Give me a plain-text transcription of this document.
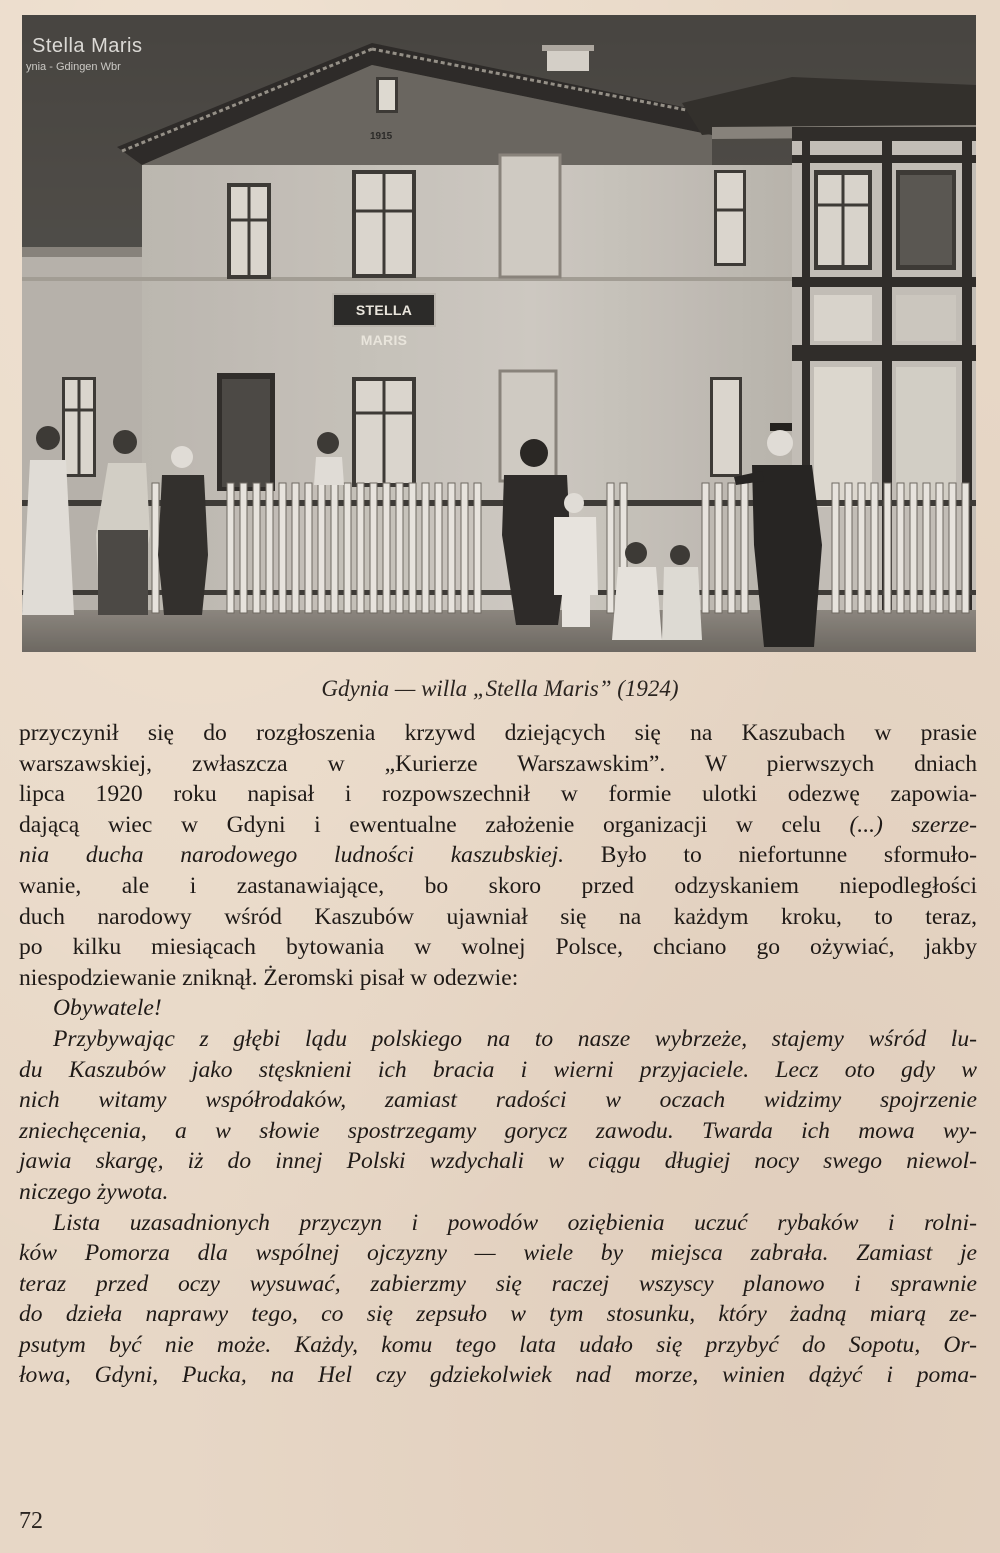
Stella Maris
ynia - Gdingen Wbr
1915
STELLA MARIS
Gdynia — willa „Stella Maris” (1924)
przyczynił się do rozgłoszenia krzywd dziejących się na Kaszubach w prasie
warszawskiej, zwłaszcza w „Kurierze Warszawskim”. W pierwszych dniach
lipca 1920 roku napisał i rozpowszechnił w formie ulotki odezwę zapowia-
dającą wiec w Gdyni i ewentualne założenie organizacji w celu (...) szerze-
nia ducha narodowego ludności kaszubskiej. Było to niefortunne sformuło-
wanie, ale i zastanawiające, bo skoro przed odzyskaniem niepodległości
duch narodowy wśród Kaszubów ujawniał się na każdym kroku, to teraz,
po kilku miesiącach bytowania w wolnej Polsce, chciano go ożywiać, jakby
niespodziewanie zniknął. Żeromski pisał w odezwie:
Obywatele!
Przybywając z głębi lądu polskiego na to nasze wybrzeże, stajemy wśród lu-
du Kaszubów jako stęsknieni ich bracia i wierni przyjaciele. Lecz oto gdy w
nich witamy współrodaków, zamiast radości w oczach widzimy spojrzenie
zniechęcenia, a w słowie spostrzegamy gorycz zawodu. Twarda ich mowa wy-
jawia skargę, iż do innej Polski wzdychali w ciągu długiej nocy swego niewol-
niczego żywota.
Lista uzasadnionych przyczyn i powodów oziębienia uczuć rybaków i rolni-
ków Pomorza dla wspólnej ojczyzny — wiele by miejsca zabrała. Zamiast je
teraz przed oczy wysuwać, zabierzmy się raczej wszyscy planowo i sprawnie
do dzieła naprawy tego, co się zepsuło w tym stosunku, który żadną miarą ze-
psutym być nie może. Każdy, komu tego lata udało się przybyć do Sopotu, Or-
łowa, Gdyni, Pucka, na Hel czy gdziekolwiek nad morze, winien dążyć i poma-
72
